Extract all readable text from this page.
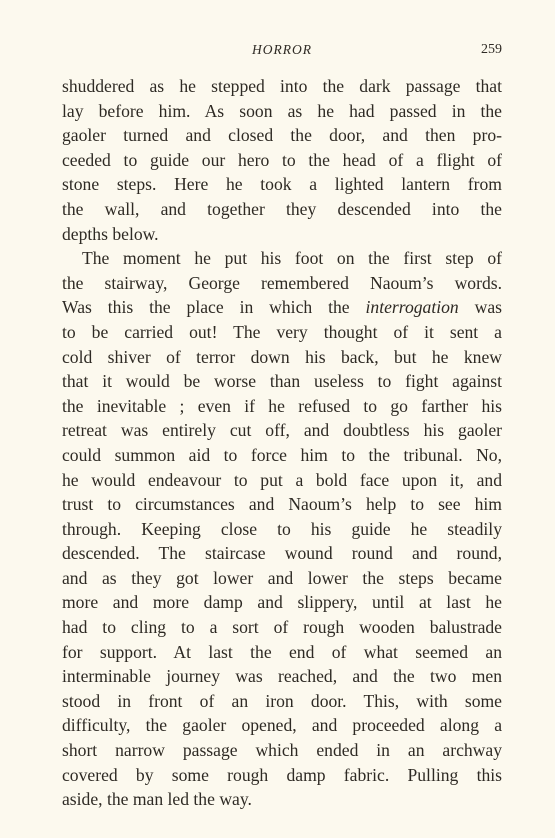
HORROR	259
shuddered as he stepped into the dark passage that
lay before him. As soon as he had passed in the
gaoler turned and closed the door, and then pro-
ceeded to guide our hero to the head of a flight of
stone steps. Here he took a lighted lantern from
the wall, and together they descended into the
depths below.
The moment he put his foot on the first step of
the stairway, George remembered Naoum’s words.
Was this the place in which the interrogation was
to be carried out! The very thought of it sent a
cold shiver of terror down his back, but he knew
that it would be worse than useless to fight against
the inevitable ; even if he refused to go farther his
retreat was entirely cut off, and doubtless his gaoler
could summon aid to force him to the tribunal. No,
he would endeavour to put a bold face upon it, and
trust to circumstances and Naoum’s help to see him
through. Keeping close to his guide he steadily
descended. The staircase wound round and round,
and as they got lower and lower the steps became
more and more damp and slippery, until at last he
had to cling to a sort of rough wooden balustrade
for support. At last the end of what seemed an
interminable journey was reached, and the two men
stood in front of an iron door. This, with some
difficulty, the gaoler opened, and proceeded along a
short narrow passage which ended in an archway
covered by some rough damp fabric. Pulling this
aside, the man led the way.
